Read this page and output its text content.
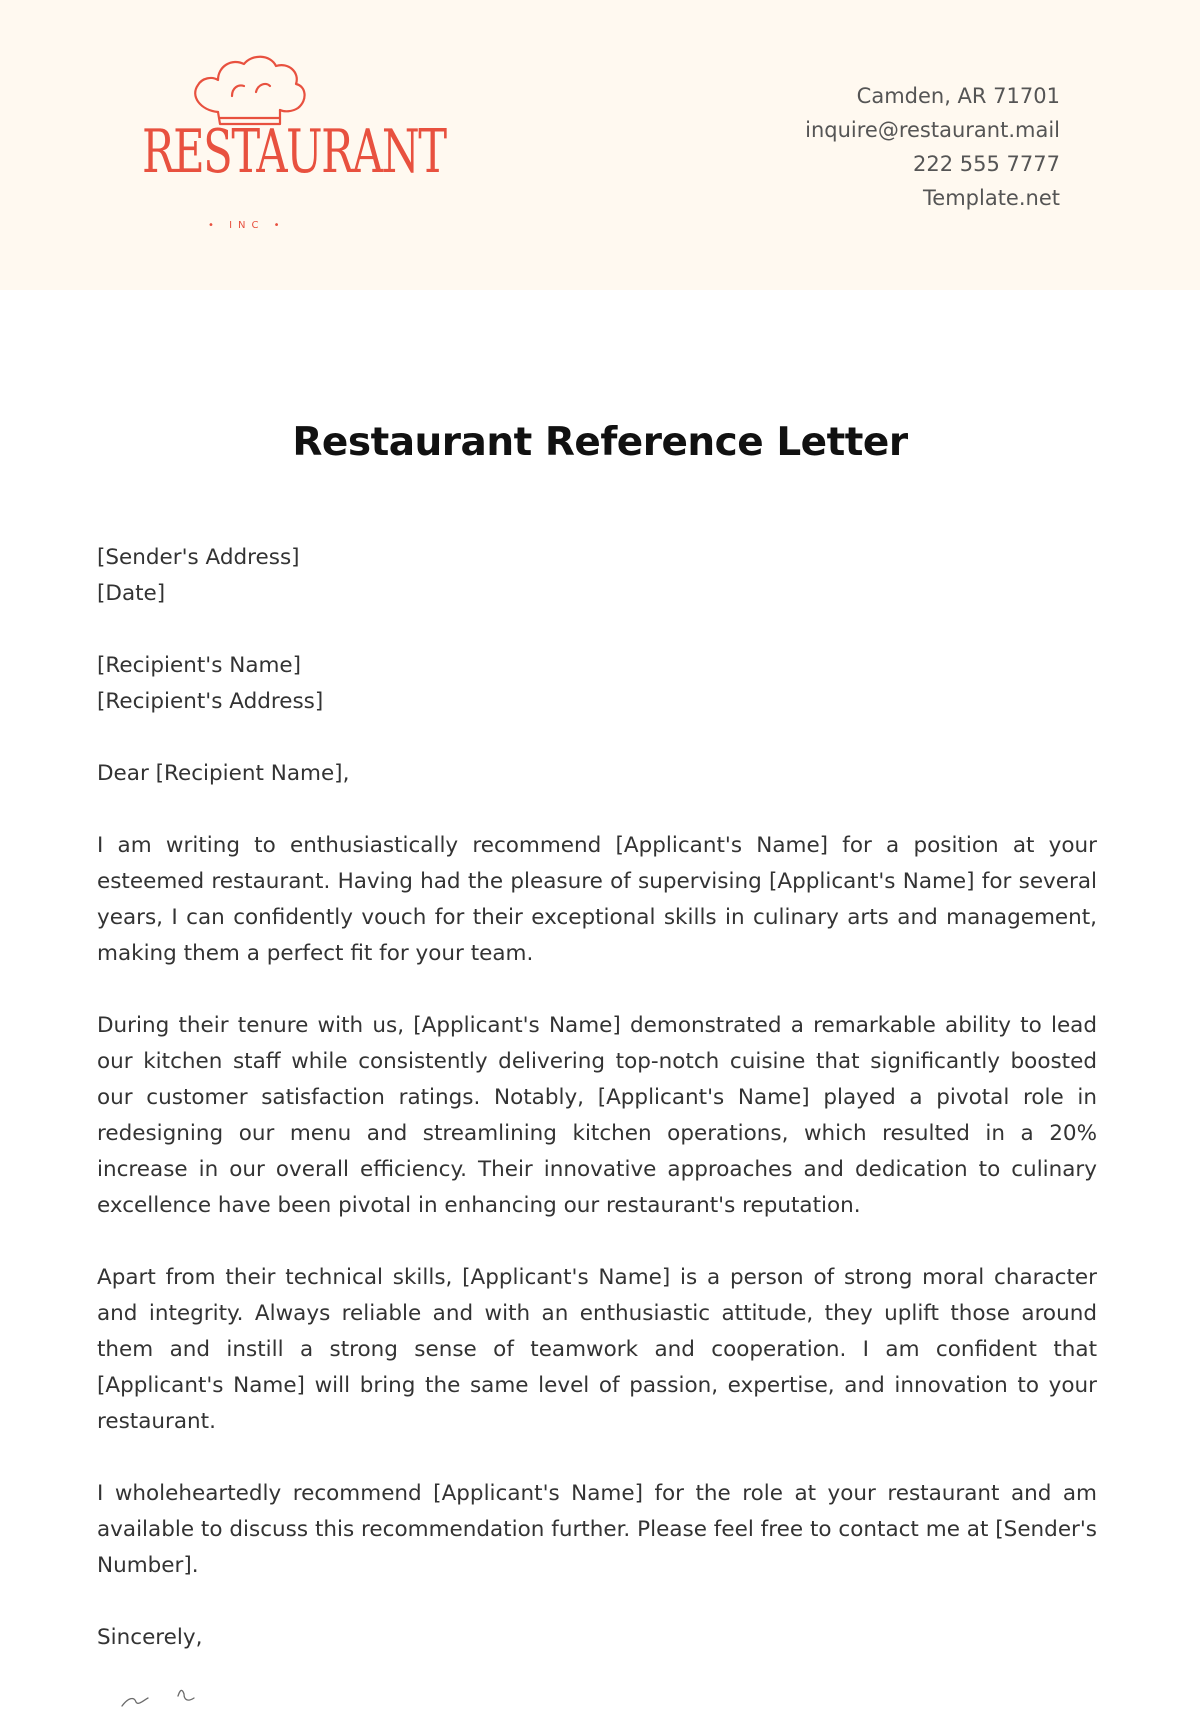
RESTAURANT
• INC •
Camden, AR 71701
inquire@restaurant.mail
222 555 7777
Template.net
Restaurant Reference Letter
[Sender's Address]
[Date]
[Recipient's Name]
[Recipient's Address]
Dear [Recipient Name],

I am writing to enthusiastically recommend [Applicant's Name] for a position at your esteemed restaurant. Having had the pleasure of supervising [Applicant's Name] for several years, I can confidently vouch for their exceptional skills in culinary arts and management, making them a perfect fit for your team.

During their tenure with us, [Applicant's Name] demonstrated a remarkable ability to lead our kitchen staff while consistently delivering top-notch cuisine that significantly boosted our customer satisfaction ratings. Notably, [Applicant's Name] played a pivotal role in redesigning our menu and streamlining kitchen operations, which resulted in a 20% increase in our overall efficiency. Their innovative approaches and dedication to culinary excellence have been pivotal in enhancing our restaurant's reputation.

Apart from their technical skills, [Applicant's Name] is a person of strong moral character and integrity. Always reliable and with an enthusiastic attitude, they uplift those around them and instill a strong sense of teamwork and cooperation. I am confident that [Applicant's Name] will bring the same level of passion, expertise, and innovation to your restaurant.

I wholeheartedly recommend [Applicant's Name] for the role at your restaurant and am available to discuss this recommendation further. Please feel free to contact me at [Sender's Number].

Sincerely,
